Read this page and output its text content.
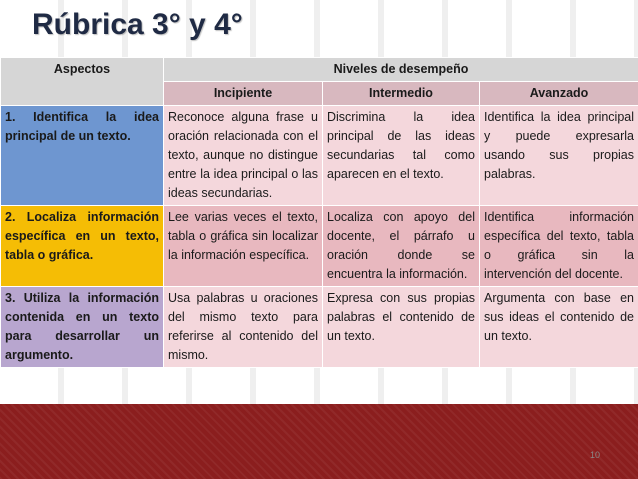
Rúbrica 3° y 4°
Aspectos	Niveles de desempeño		
	Incipiente	Intermedio	Avanzado
1. Identifica la idea principal de un texto.	Reconoce alguna frase u oración relacionada con el texto, aunque no distingue entre la idea principal o las ideas secundarias.	Discrimina la idea principal de las ideas secundarias tal como aparecen en el texto.	Identifica la idea principal y puede expresarla usando sus propias palabras.
2. Localiza información específica en un texto, tabla o gráfica.	Lee varias veces el texto, tabla o gráfica sin localizar la información específica.	Localiza con apoyo del docente, el párrafo u oración donde se encuentra la información.	Identifica información específica del texto, tabla o gráfica sin la intervención del docente.
3. Utiliza la información contenida en un texto para desarrollar un argumento.	Usa palabras u oraciones del mismo texto para referirse al contenido del mismo.	Expresa con sus propias palabras el contenido de un texto.	Argumenta con base en sus ideas el contenido de un texto.
10
